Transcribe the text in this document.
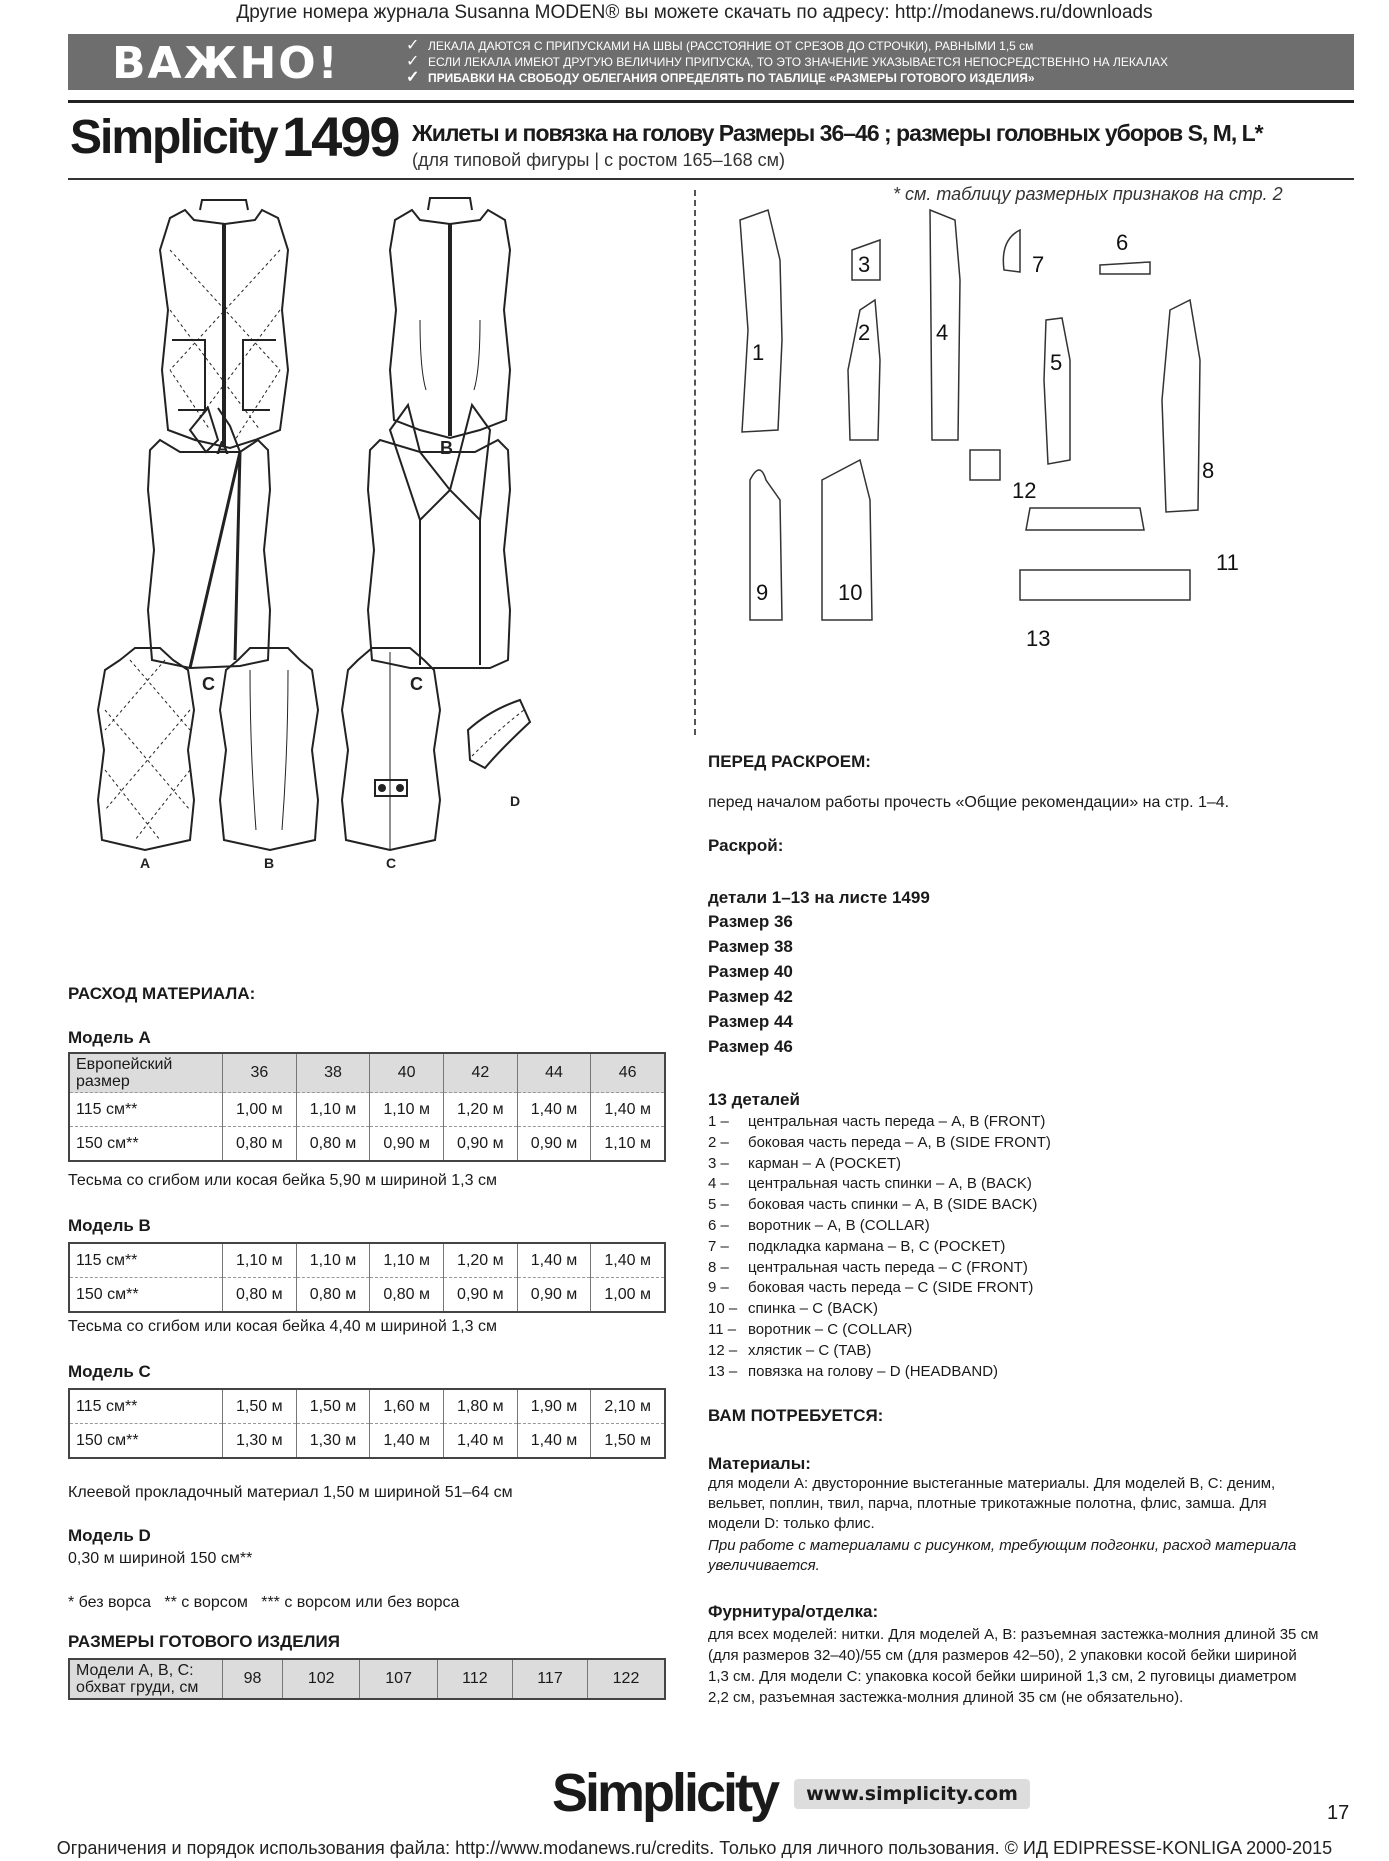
Другие номера журнала Susanna MODEN® вы можете скачать по адресу: http://modanews.ru/downloads
ВАЖНО!	✓ ЛЕКАЛА ДАЮТСЯ С ПРИПУСКАМИ НА ШВЫ (РАССТОЯНИЕ ОТ СРЕЗОВ ДО СТРОЧКИ), РАВНЫМИ 1,5 см
✓ ЕСЛИ ЛЕКАЛА ИМЕЮТ ДРУГУЮ ВЕЛИЧИНУ ПРИПУСКА, ТО ЭТО ЗНАЧЕНИЕ УКАЗЫВАЕТСЯ НЕПОСРЕДСТВЕННО НА ЛЕКАЛАХ
✓ ПРИБАВКИ НА СВОБОДУ ОБЛЕГАНИЯ ОПРЕДЕЛЯТЬ ПО ТАБЛИЦЕ «РАЗМЕРЫ ГОТОВОГО ИЗДЕЛИЯ»
Simplicity 1499 Жилеты и повязка на голову Размеры 36–46 ; размеры головных уборов S, M, L*
(для типовой фигуры | с ростом 165–168 см)
* см. таблицу размерных признаков на стр. 2
A	B
C	C
A	B	C
D
1
2
3
4
5
6
7
8
9	10
11
12
13
РАСХОД МАТЕРИАЛА:
Модель А
Европейский размер	36	38	40	42	44	46
115 см**	1,00 м	1,10 м	1,10 м	1,20 м	1,40 м	1,40 м
150 см**	0,80 м	0,80 м	0,90 м	0,90 м	0,90 м	1,10 м
Тесьма со сгибом или косая бейка 5,90 м шириной 1,3 см
Модель В
115 см**	1,10 м	1,10 м	1,10 м	1,20 м	1,40 м	1,40 м
150 см**	0,80 м	0,80 м	0,80 м	0,90 м	0,90 м	1,00 м
Тесьма со сгибом или косая бейка 4,40 м шириной 1,3 см
Модель С
115 см**	1,50 м	1,50 м	1,60 м	1,80 м	1,90 м	2,10 м
150 см**	1,30 м	1,30 м	1,40 м	1,40 м	1,40 м	1,50 м
Клеевой прокладочный материал 1,50 м шириной 51–64 см
Модель D
0,30 м шириной 150 см**
* без ворса   ** с ворсом   *** с ворсом или без ворса
РАЗМЕРЫ ГОТОВОГО ИЗДЕЛИЯ
Модели А, В, С: обхват груди, см	98	102	107	112	117	122
ПЕРЕД РАСКРОЕМ:
перед началом работы прочесть «Общие рекомендации» на стр. 1–4.
Раскрой:
детали 1–13 на листе 1499
Размер 36
Размер 38
Размер 40
Размер 42
Размер 44
Размер 46
13 деталей
1 – центральная часть переда – А, В (FRONT)
2 – боковая часть переда – А, В (SIDE FRONT)
3 – карман – А (POCKET)
4 – центральная часть спинки – А, В (BACK)
5 – боковая часть спинки – А, В (SIDE BACK)
6 – воротник – А, В (COLLAR)
7 – подкладка кармана – В, С (POCKET)
8 – центральная часть переда – С (FRONT)
9 – боковая часть переда – С (SIDE FRONT)
10 – спинка – С (BACK)
11 – воротник – С (COLLAR)
12 – хлястик – С (TAB)
13 – повязка на голову – D (HEADBAND)
ВАМ ПОТРЕБУЕТСЯ:
Материалы:
для модели A: двусторонние выстеганные материалы. Для моделей B, C: деним, вельвет, поплин, твил, парча, плотные трикотажные полотна, флис, замша. Для модели D: только флис.
При работе с материалами с рисунком, требующим подгонки, расход материала увеличивается.
Фурнитура/отделка:
для всех моделей: нитки. Для моделей A, B: разъемная застежка-молния длиной 35 см (для размеров 32–40)/55 см (для размеров 42–50), 2 упаковки косой бейки шириной 1,3 см. Для модели C: упаковка косой бейки шириной 1,3 см, 2 пуговицы диаметром 2,2 см, разъемная застежка-молния длиной 35 см (не обязательно).
Simplicity	www.simplicity.com
17
Ограничения и порядок использования файла: http://www.modanews.ru/credits. Только для личного пользования. © ИД EDIPRESSE-KONLIGA 2000-2015
